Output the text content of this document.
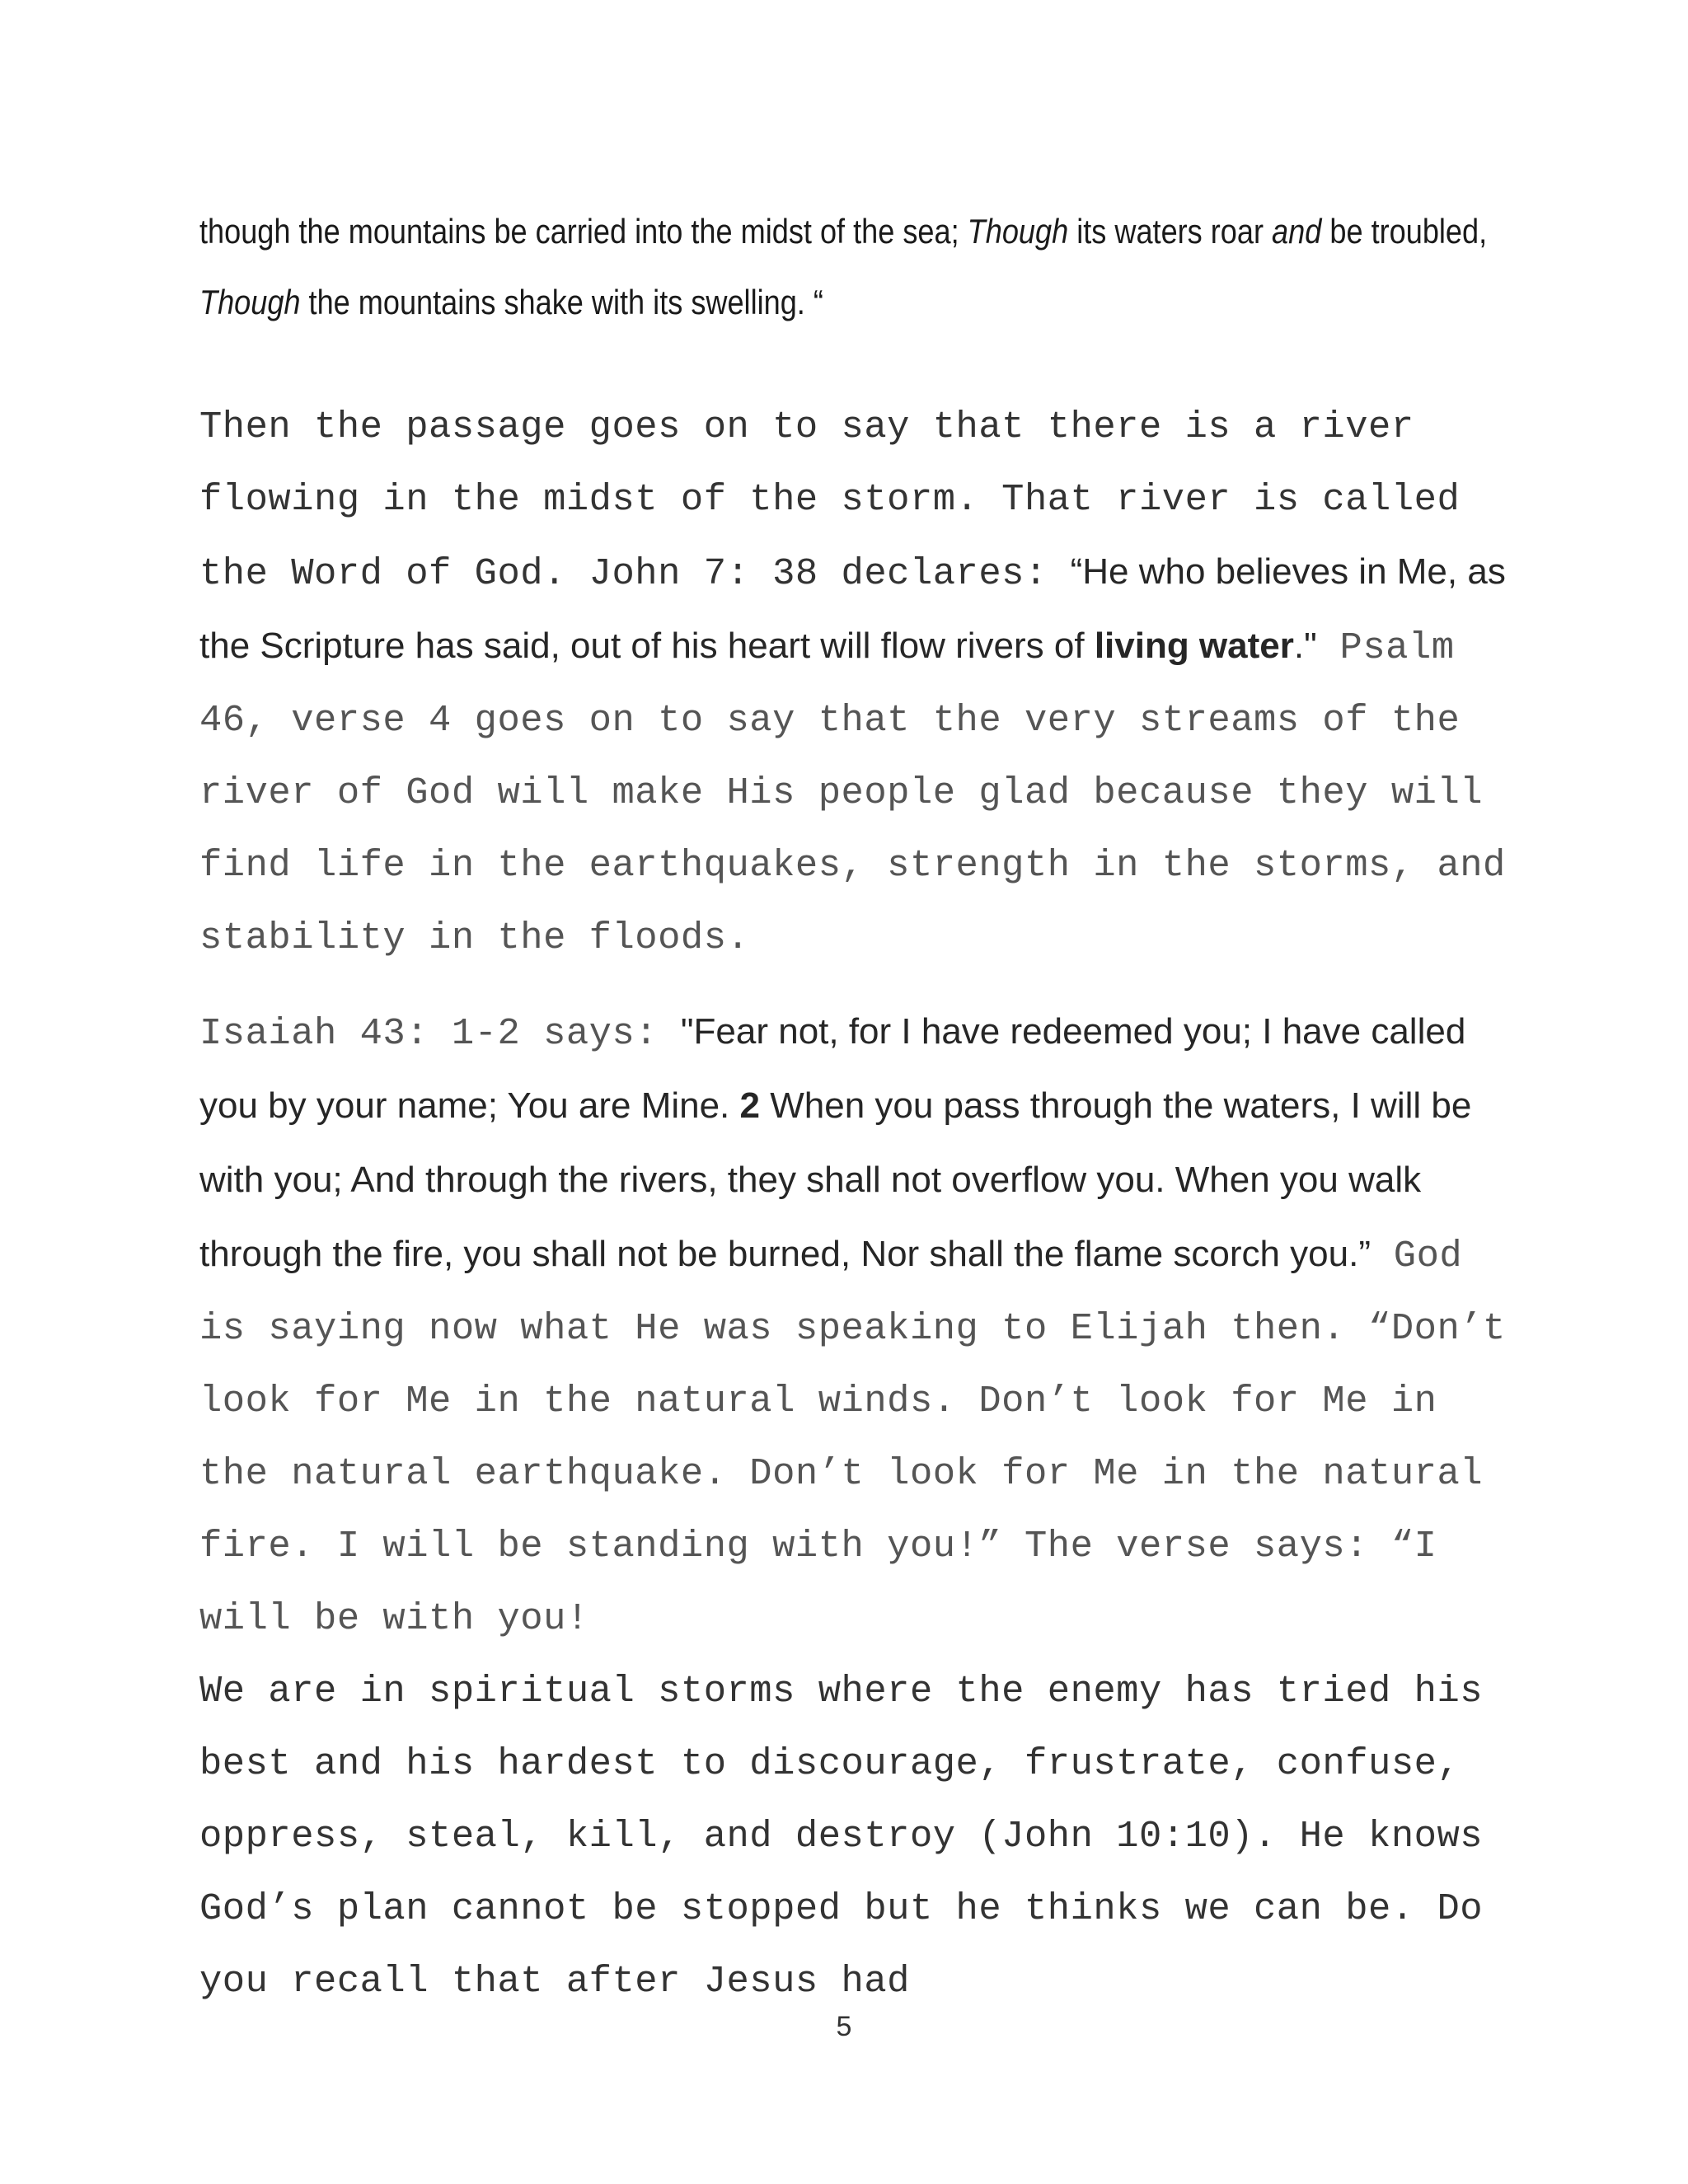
though the mountains be carried into the midst of the sea; Though its waters roar and be troubled, Though the mountains shake with its swelling. “

Then the passage goes on to say that there is a river flowing in the midst of the storm. That river is called the Word of God. John 7: 38 declares: “He who believes in Me, as the Scripture has said, out of his heart will flow rivers of living water." Psalm 46, verse 4 goes on to say that the very streams of the river of God will make His people glad because they will find life in the earthquakes, strength in the storms, and stability in the floods.

Isaiah 43: 1-2 says: "Fear not, for I have redeemed you; I have called you by your name; You are Mine. 2 When you pass through the waters, I will be with you; And through the rivers, they shall not overflow you. When you walk through the fire, you shall not be burned, Nor shall the flame scorch you.” God is saying now what He was speaking to Elijah then. “Don’t look for Me in the natural winds. Don’t look for Me in the natural earthquake. Don’t look for Me in the natural fire. I will be standing with you!” The verse says: “I will be with you!

We are in spiritual storms where the enemy has tried his best and his hardest to discourage, frustrate, confuse, oppress, steal, kill, and destroy (John 10:10). He knows God’s plan cannot be stopped but he thinks we can be. Do you recall that after Jesus had

5
